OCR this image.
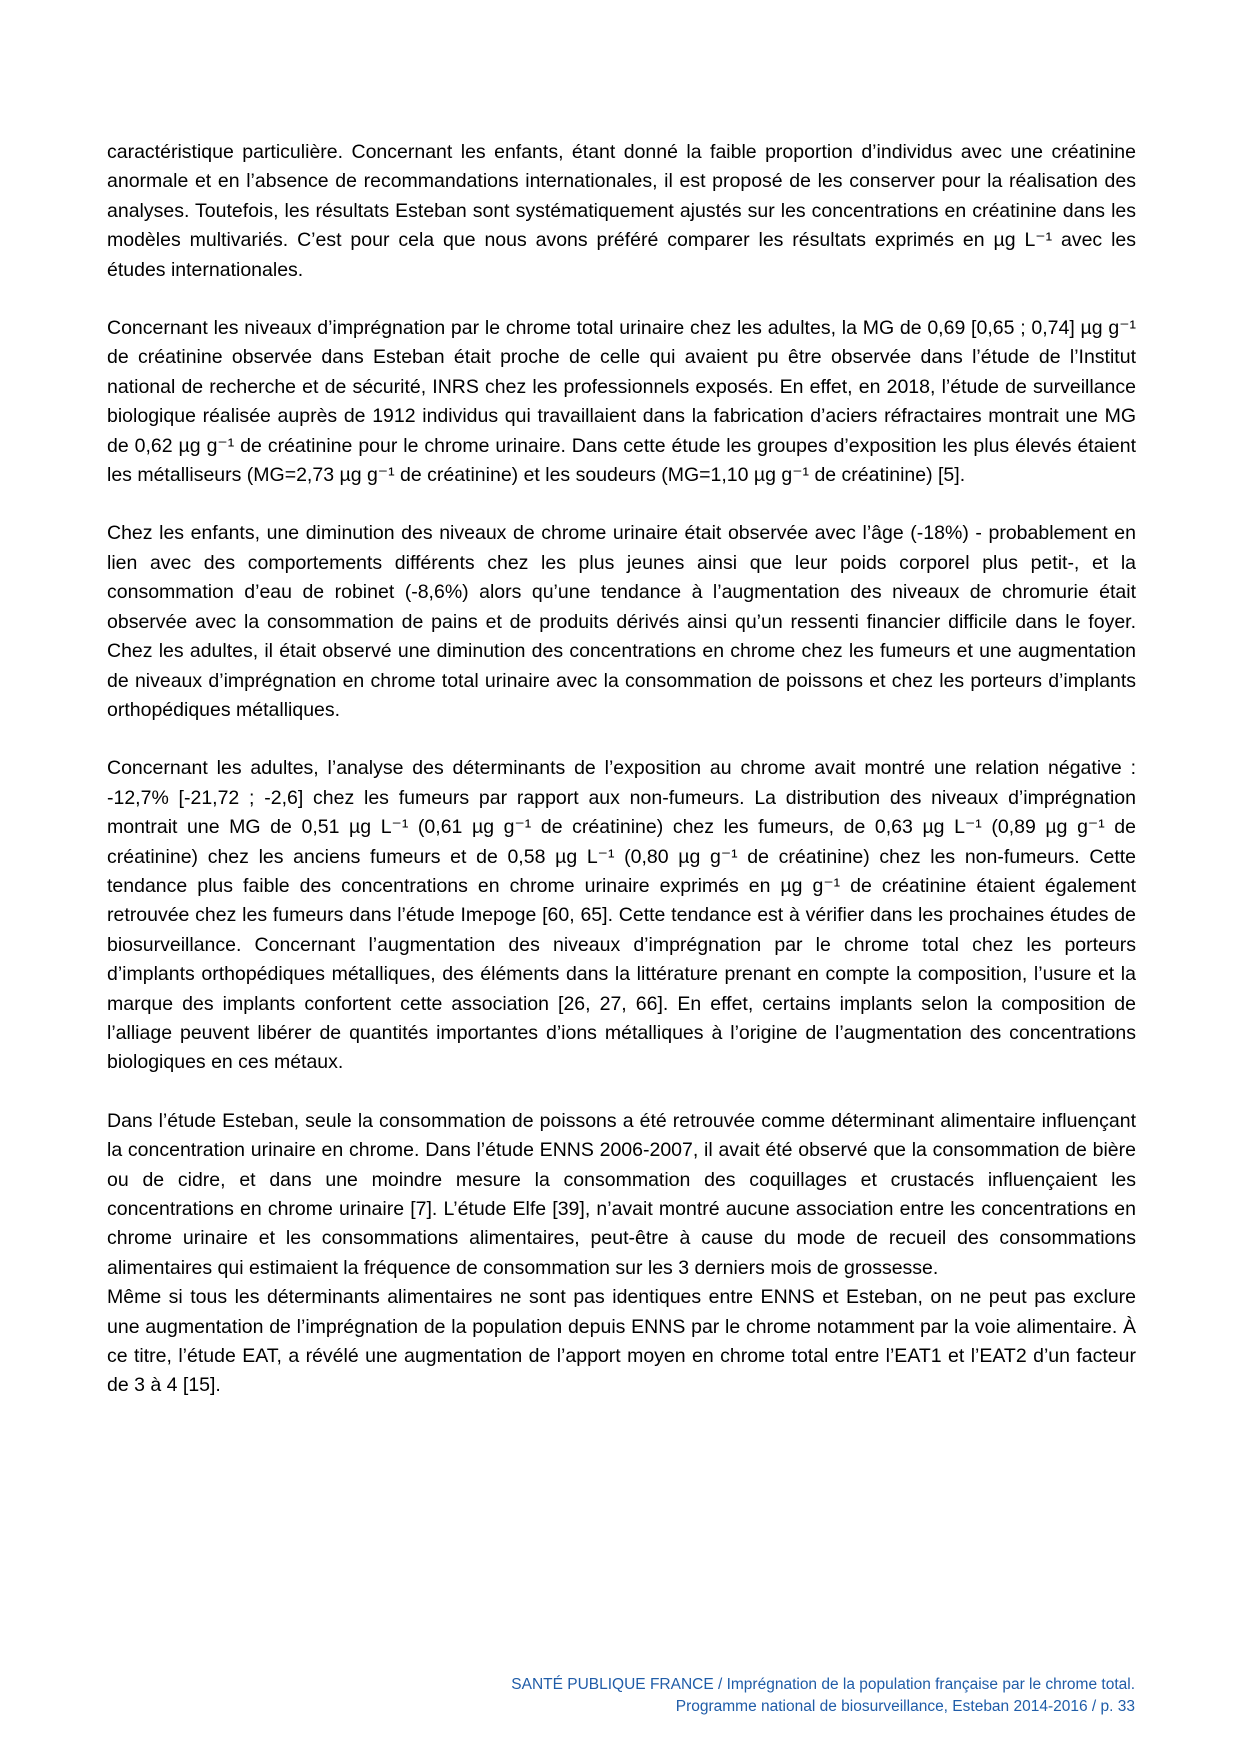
caractéristique particulière. Concernant les enfants, étant donné la faible proportion d’individus avec une créatinine anormale et en l’absence de recommandations internationales, il est proposé de les conserver pour la réalisation des analyses. Toutefois, les résultats Esteban sont systématiquement ajustés sur les concentrations en créatinine dans les modèles multivariés. C’est pour cela que nous avons préféré comparer les résultats exprimés en µg L⁻¹ avec les études internationales.

Concernant les niveaux d’imprégnation par le chrome total urinaire chez les adultes, la MG de 0,69 [0,65 ; 0,74] µg g⁻¹ de créatinine observée dans Esteban était proche de celle qui avaient pu être observée dans l’étude de l’Institut national de recherche et de sécurité, INRS chez les professionnels exposés. En effet, en 2018, l’étude de surveillance biologique réalisée auprès de 1912 individus qui travaillaient dans la fabrication d’aciers réfractaires montrait une MG de 0,62 µg g⁻¹ de créatinine pour le chrome urinaire. Dans cette étude les groupes d’exposition les plus élevés étaient les métalliseurs (MG=2,73 µg g⁻¹ de créatinine) et les soudeurs (MG=1,10 µg g⁻¹ de créatinine) [5].

Chez les enfants, une diminution des niveaux de chrome urinaire était observée avec l’âge (-18%) - probablement en lien avec des comportements différents chez les plus jeunes ainsi que leur poids corporel plus petit-, et la consommation d’eau de robinet (-8,6%) alors qu’une tendance à l’augmentation des niveaux de chromurie était observée avec la consommation de pains et de produits dérivés ainsi qu’un ressenti financier difficile dans le foyer. Chez les adultes, il était observé une diminution des concentrations en chrome chez les fumeurs et une augmentation de niveaux d’imprégnation en chrome total urinaire avec la consommation de poissons et chez les porteurs d’implants orthopédiques métalliques.

Concernant les adultes, l’analyse des déterminants de l’exposition au chrome avait montré une relation négative : -12,7% [-21,72 ; -2,6] chez les fumeurs par rapport aux non-fumeurs. La distribution des niveaux d’imprégnation montrait une MG de 0,51 µg L⁻¹ (0,61 µg g⁻¹ de créatinine) chez les fumeurs, de 0,63 µg L⁻¹ (0,89 µg g⁻¹ de créatinine) chez les anciens fumeurs et de 0,58 µg L⁻¹ (0,80 µg g⁻¹ de créatinine) chez les non-fumeurs. Cette tendance plus faible des concentrations en chrome urinaire exprimés en µg g⁻¹ de créatinine étaient également retrouvée chez les fumeurs dans l’étude Imepoge [60, 65]. Cette tendance est à vérifier dans les prochaines études de biosurveillance. Concernant l’augmentation des niveaux d’imprégnation par le chrome total chez les porteurs d’implants orthopédiques métalliques, des éléments dans la littérature prenant en compte la composition, l’usure et la marque des implants confortent cette association [26, 27, 66]. En effet, certains implants selon la composition de l’alliage peuvent libérer de quantités importantes d’ions métalliques à l’origine de l’augmentation des concentrations biologiques en ces métaux.

Dans l’étude Esteban, seule la consommation de poissons a été retrouvée comme déterminant alimentaire influençant la concentration urinaire en chrome. Dans l’étude ENNS 2006-2007, il avait été observé que la consommation de bière ou de cidre, et dans une moindre mesure la consommation des coquillages et crustacés influençaient les concentrations en chrome urinaire [7]. L’étude Elfe [39], n’avait montré aucune association entre les concentrations en chrome urinaire et les consommations alimentaires, peut-être à cause du mode de recueil des consommations alimentaires qui estimaient la fréquence de consommation sur les 3 derniers mois de grossesse.

Même si tous les déterminants alimentaires ne sont pas identiques entre ENNS et Esteban, on ne peut pas exclure une augmentation de l’imprégnation de la population depuis ENNS par le chrome notamment par la voie alimentaire. À ce titre, l’étude EAT, a révélé une augmentation de l’apport moyen en chrome total entre l’EAT1 et l’EAT2 d’un facteur de 3 à 4 [15].

SANTÉ PUBLIQUE FRANCE / Imprégnation de la population française par le chrome total.
Programme national de biosurveillance, Esteban 2014-2016 / p. 33
